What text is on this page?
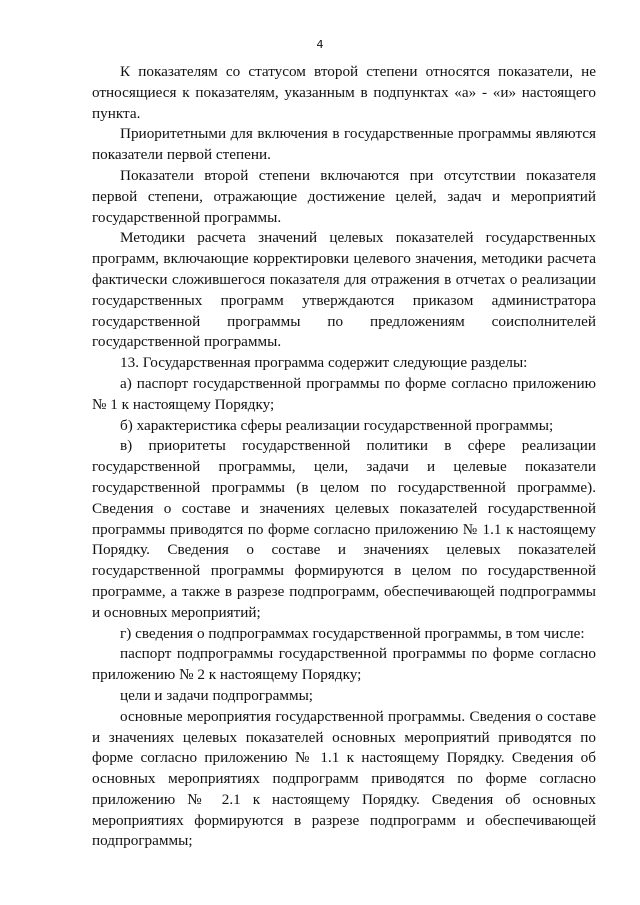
4

К показателям со статусом второй степени относятся показатели, не относящиеся к показателям, указанным в подпунктах «а» - «и» настоящего пункта.

Приоритетными для включения в государственные программы являются показатели первой степени.

Показатели второй степени включаются при отсутствии показателя первой степени, отражающие достижение целей, задач и мероприятий государственной программы.

Методики расчета значений целевых показателей государственных программ, включающие корректировки целевого значения, методики расчета фактически сложившегося показателя для отражения в отчетах о реализации государственных программ утверждаются приказом администратора государственной программы по предложениям соисполнителей государственной программы.

13. Государственная программа содержит следующие разделы:

а) паспорт государственной программы по форме согласно приложению № 1 к настоящему Порядку;

б) характеристика сферы реализации государственной программы;

в) приоритеты государственной политики в сфере реализации государственной программы, цели, задачи и целевые показатели государственной программы (в целом по государственной программе). Сведения о составе и значениях целевых показателей государственной программы приводятся по форме согласно приложению № 1.1 к настоящему Порядку. Сведения о составе и значениях целевых показателей государственной программы формируются в целом по государственной программе, а также в разрезе подпрограмм, обеспечивающей подпрограммы и основных мероприятий;

г) сведения о подпрограммах государственной программы, в том числе:

паспорт подпрограммы государственной программы по форме согласно приложению № 2 к настоящему Порядку;

цели и задачи подпрограммы;

основные мероприятия государственной программы. Сведения о составе и значениях целевых показателей основных мероприятий приводятся по форме согласно приложению № 1.1 к настоящему Порядку. Сведения об основных мероприятиях подпрограмм приводятся по форме согласно приложению № 2.1 к настоящему Порядку. Сведения об основных мероприятиях формируются в разрезе подпрограмм и обеспечивающей подпрограммы;
